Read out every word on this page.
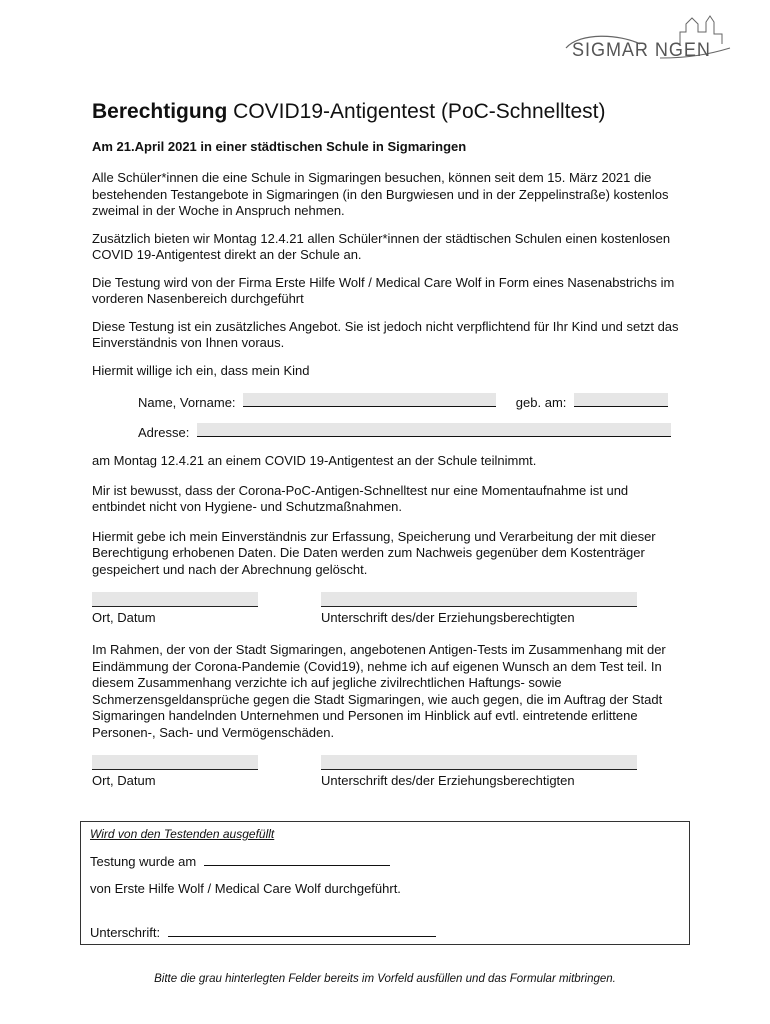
SIGMAR NGEN
Berechtigung COVID19-Antigentest (PoC-Schnelltest)
Am 21.April 2021 in einer städtischen Schule in Sigmaringen

Alle Schüler*innen die eine Schule in Sigmaringen besuchen, können seit dem 15. März 2021 die bestehenden Testangebote in Sigmaringen (in den Burgwiesen und in der Zeppelinstraße) kostenlos zweimal in der Woche in Anspruch nehmen.

Zusätzlich bieten wir Montag 12.4.21 allen Schüler*innen der städtischen Schulen einen kostenlosen COVID 19-Antigentest direkt an der Schule an.

Die Testung wird von der Firma Erste Hilfe Wolf / Medical Care Wolf in Form eines Nasenabstrichs im vorderen Nasenbereich durchgeführt

Diese Testung ist ein zusätzliches Angebot. Sie ist jedoch nicht verpflichtend für Ihr Kind und setzt das Einverständnis von Ihnen voraus.

Hiermit willige ich ein, dass mein Kind

Name, Vorname:	geb. am:
Adresse:

am Montag 12.4.21 an einem COVID 19-Antigentest an der Schule teilnimmt.

Mir ist bewusst, dass der Corona-PoC-Antigen-Schnelltest nur eine Momentaufnahme ist und entbindet nicht von Hygiene- und Schutzmaßnahmen.

Hiermit gebe ich mein Einverständnis zur Erfassung, Speicherung und Verarbeitung der mit dieser Berechtigung erhobenen Daten. Die Daten werden zum Nachweis gegenüber dem Kostenträger gespeichert und nach der Abrechnung gelöscht.

Ort, Datum	Unterschrift des/der Erziehungsberechtigten

Im Rahmen, der von der Stadt Sigmaringen, angebotenen Antigen-Tests im Zusammenhang mit der Eindämmung der Corona-Pandemie (Covid19), nehme ich auf eigenen Wunsch an dem Test teil. In diesem Zusammenhang verzichte ich auf jegliche zivilrechtlichen Haftungs- sowie Schmerzensgeldansprüche gegen die Stadt Sigmaringen, wie auch gegen, die im Auftrag der Stadt Sigmaringen handelnden Unternehmen und Personen im Hinblick auf evtl. eintretende erlittene Personen-, Sach- und Vermögenschäden.

Ort, Datum	Unterschrift des/der Erziehungsberechtigten
Wird von den Testenden ausgefüllt
Testung wurde am
von Erste Hilfe Wolf / Medical Care Wolf durchgeführt.
Unterschrift:
Bitte die grau hinterlegten Felder bereits im Vorfeld ausfüllen und das Formular mitbringen.
